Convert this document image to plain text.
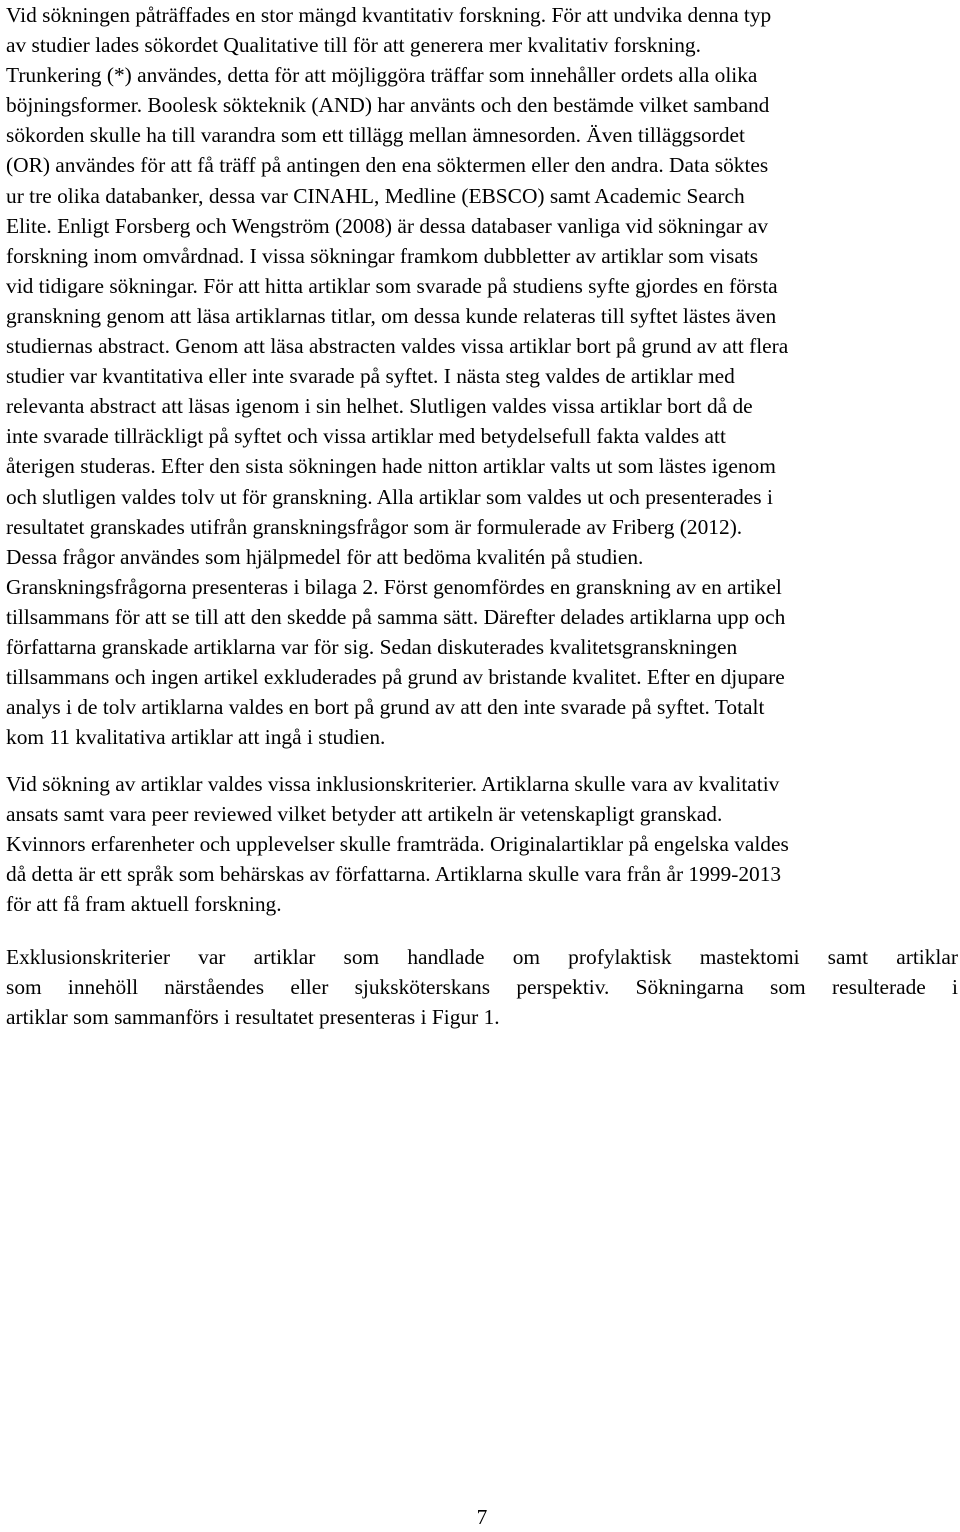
Vid sökningen påträffades en stor mängd kvantitativ forskning. För att undvika denna typ
av studier lades sökordet Qualitative till för att generera mer kvalitativ forskning.
Trunkering (*) användes, detta för att möjliggöra träffar som innehåller ordets alla olika
böjningsformer. Boolesk sökteknik (AND) har använts och den bestämde vilket samband
sökorden skulle ha till varandra som ett tillägg mellan ämnesorden. Även tilläggsordet
(OR) användes för att få träff på antingen den ena söktermen eller den andra. Data söktes
ur tre olika databanker, dessa var CINAHL, Medline (EBSCO) samt Academic Search
Elite. Enligt Forsberg och Wengström (2008) är dessa databaser vanliga vid sökningar av
forskning inom omvårdnad. I vissa sökningar framkom dubbletter av artiklar som visats
vid tidigare sökningar. För att hitta artiklar som svarade på studiens syfte gjordes en första
granskning genom att läsa artiklarnas titlar, om dessa kunde relateras till syftet lästes även
studiernas abstract. Genom att läsa abstracten valdes vissa artiklar bort på grund av att flera
studier var kvantitativa eller inte svarade på syftet. I nästa steg valdes de artiklar med
relevanta abstract att läsas igenom i sin helhet. Slutligen valdes vissa artiklar bort då de
inte svarade tillräckligt på syftet och vissa artiklar med betydelsefull fakta valdes att
återigen studeras. Efter den sista sökningen hade nitton artiklar valts ut som lästes igenom
och slutligen valdes tolv ut för granskning. Alla artiklar som valdes ut och presenterades i
resultatet granskades utifrån granskningsfrågor som är formulerade av Friberg (2012).
Dessa frågor användes som hjälpmedel för att bedöma kvalitén på studien.
Granskningsfrågorna presenteras i bilaga 2. Först genomfördes en granskning av en artikel
tillsammans för att se till att den skedde på samma sätt. Därefter delades artiklarna upp och
författarna granskade artiklarna var för sig. Sedan diskuterades kvalitetsgranskningen
tillsammans och ingen artikel exkluderades på grund av bristande kvalitet. Efter en djupare
analys i de tolv artiklarna valdes en bort på grund av att den inte svarade på syftet. Totalt
kom 11 kvalitativa artiklar att ingå i studien.

Vid sökning av artiklar valdes vissa inklusionskriterier. Artiklarna skulle vara av kvalitativ
ansats samt vara peer reviewed vilket betyder att artikeln är vetenskapligt granskad.
Kvinnors erfarenheter och upplevelser skulle framträda. Originalartiklar på engelska valdes
då detta är ett språk som behärskas av författarna. Artiklarna skulle vara från år 1999-2013
för att få fram aktuell forskning.

Exklusionskriterier var artiklar som handlade om profylaktisk mastektomi samt artiklar
som innehöll närståendes eller sjuksköterskans perspektiv. Sökningarna som resulterade i
artiklar som sammanförs i resultatet presenteras i Figur 1.

7
